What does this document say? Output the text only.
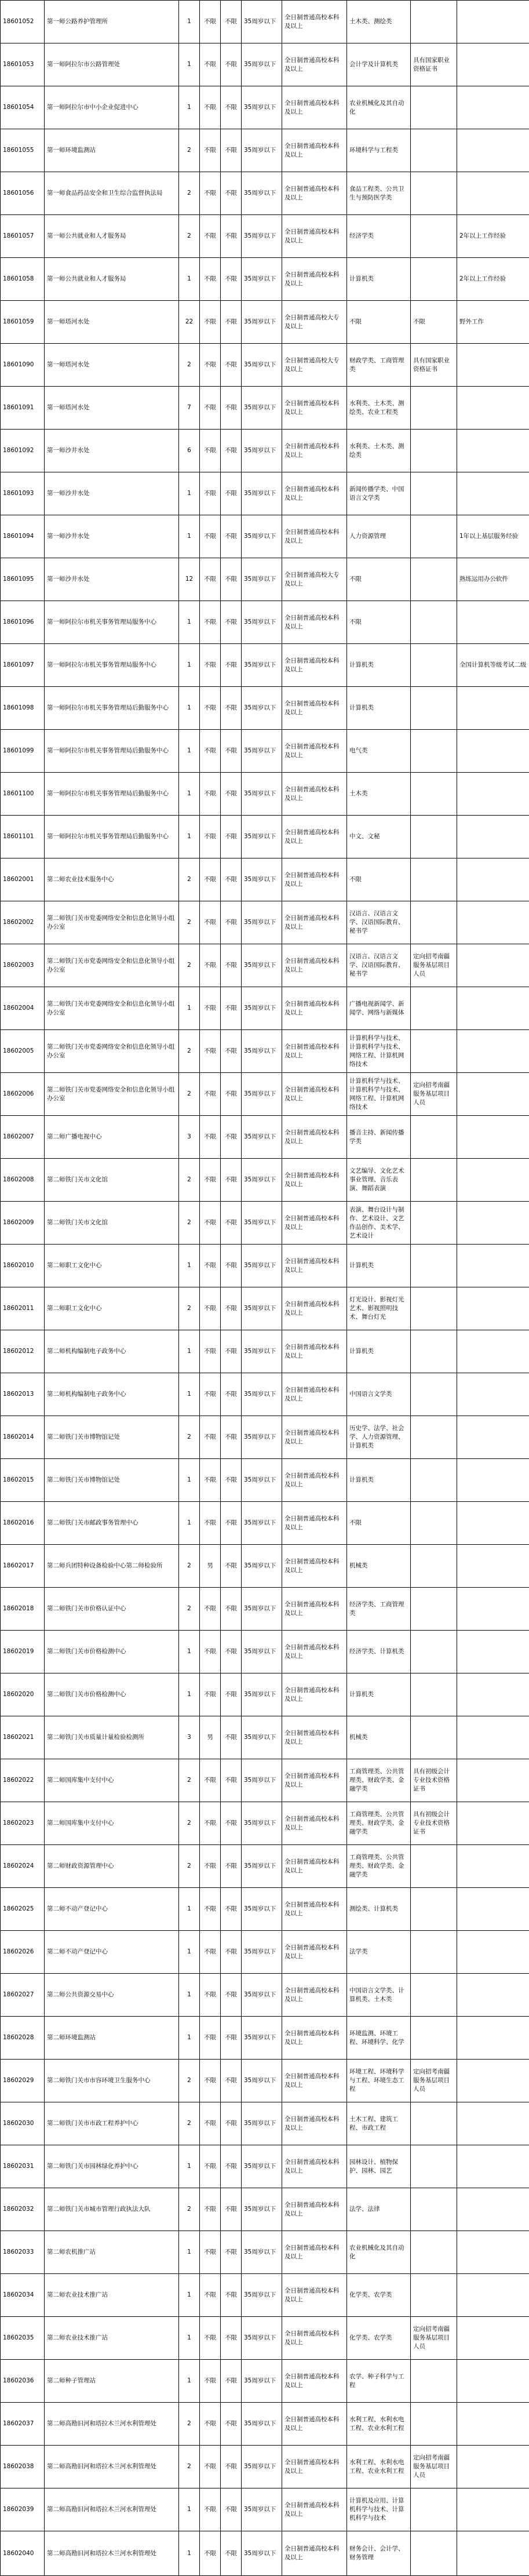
18601052	第一师公路养护管理所	1	不限	不限	35周岁以下	全日制普通高校本科及以上	土木类、测绘类		
18601053	第一师阿拉尔市公路管理处	1	不限	不限	35周岁以下	全日制普通高校本科及以上	会计学及计算机类	具有国家职业资格证书	
18601054	第一师阿拉尔市中小企业促进中心	1	不限	不限	35周岁以下	全日制普通高校本科及以上	农业机械化及其自动化		
18601055	第一师环境监测站	2	不限	不限	35周岁以下	全日制普通高校本科及以上	环境科学与工程类		
18601056	第一师食品药品安全和卫生综合监督执法局	2	不限	不限	35周岁以下	全日制普通高校本科及以上	食品工程类、公共卫生与预防医学类		
18601057	第一师公共就业和人才服务局	2	不限	不限	35周岁以下	全日制普通高校本科及以上	经济学类		2年以上工作经验
18601058	第一师公共就业和人才服务局	1	不限	不限	35周岁以下	全日制普通高校本科及以上	计算机类		2年以上工作经验
18601059	第一师塔河水处	22	不限	不限	35周岁以下	全日制普通高校大专及以上	不限	不限	野外工作
18601090	第一师塔河水处	2	不限	不限	35周岁以下	全日制普通高校大专及以上	财政学类、工商管理类	具有国家职业资格证书	
18601091	第一师塔河水处	7	不限	不限	35周岁以下	全日制普通高校本科及以上	水利类、土木类、测绘类、农业工程类		
18601092	第一师沙井水处	6	不限	不限	35周岁以下	全日制普通高校本科及以上	水利类、土木类、测绘类		
18601093	第一师沙井水处	1	不限	不限	35周岁以下	全日制普通高校本科及以上	新闻传播学类、中国语言文学类		
18601094	第一师沙井水处	1	不限	不限	35周岁以下	全日制普通高校本科及以上	人力资源管理		1年以上基层服务经验
18601095	第一师沙井水处	12	不限	不限	35周岁以下	全日制普通高校大专及以上	不限		熟练运用办公软件
18601096	第一师阿拉尔市机关事务管理局服务中心	1	不限	不限	35周岁以下	全日制普通高校本科及以上	不限		
18601097	第一师阿拉尔市机关事务管理局服务中心	1	不限	不限	35周岁以下	全日制普通高校本科及以上	计算机类		全国计算机等级考试二级
18601098	第一师阿拉尔市机关事务管理局后勤服务中心	1	不限	不限	35周岁以下	全日制普通高校本科及以上	计算机类		
18601099	第一师阿拉尔市机关事务管理局后勤服务中心	1	不限	不限	35周岁以下	全日制普通高校本科及以上	电气类		
18601100	第一师阿拉尔市机关事务管理局后勤服务中心	1	不限	不限	35周岁以下	全日制普通高校本科及以上	土木类		
18601101	第一师阿拉尔市机关事务管理局后勤服务中心	1	不限	不限	35周岁以下	全日制普通高校本科及以上	中文、文秘		
18602001	第二师农业技术服务中心	2	不限	不限	35周岁以下	全日制普通高校本科及以上	不限		
18602002	第二师铁门关市党委网络安全和信息化领导小组办公室	2	不限	不限	35周岁以下	全日制普通高校本科及以上	汉语言、汉语言文学、汉语国际教育、秘书学		
18602003	第二师铁门关市党委网络安全和信息化领导小组办公室	2	不限	不限	35周岁以下	全日制普通高校本科及以上	汉语言、汉语言文学、汉语国际教育、秘书学	定向招考南疆服务基层项目人员	
18602004	第二师铁门关市党委网络安全和信息化领导小组办公室	1	不限	不限	35周岁以下	全日制普通高校本科及以上	广播电视新闻学、新闻学、网络与新媒体		
18602005	第二师铁门关市党委网络安全和信息化领导小组办公室	2	不限	不限	35周岁以下	全日制普通高校本科及以上	计算机科学与技术、计算机科学与技术、网络工程、计算机网络技术		
18602006	第二师铁门关市党委网络安全和信息化领导小组办公室	2	不限	不限	35周岁以下	全日制普通高校本科及以上	计算机科学与技术、计算机科学与技术、网络工程、计算机网络技术	定向招考南疆服务基层项目人员	
18602007	第二师广播电视中心	3	不限	不限	35周岁以下	全日制普通高校本科及以上	播音主持、新闻传播学类		
18602008	第二师铁门关市文化馆	2	不限	不限	35周岁以下	全日制普通高校本科及以上	文艺编导、文化艺术事业管理、音乐表演、舞蹈表演		
18602009	第二师铁门关市文化馆	2	不限	不限	35周岁以下	全日制普通高校本科及以上	表演、舞台设计与制作、艺术设计、文艺作品创作、美术学、艺术设计		
18602010	第二师职工文化中心	1	不限	不限	35周岁以下	全日制普通高校本科及以上	计算机类		
18602011	第二师职工文化中心	2	不限	不限	35周岁以下	全日制普通高校本科及以上	灯光设计、影视灯光艺术、影视照明技术、舞台灯光		
18602012	第二师机构编制电子政务中心	1	不限	不限	35周岁以下	全日制普通高校本科及以上	计算机类		
18602013	第二师机构编制电子政务中心	1	不限	不限	35周岁以下	全日制普通高校本科及以上	中国语言文学类		
18602014	第二师铁门关市博物馆记处	2	不限	不限	35周岁以下	全日制普通高校本科及以上	历史学、法学、社会学、人力资源管理、计算机类		
18602015	第二师铁门关市博物馆记处	1	不限	不限	35周岁以下	全日制普通高校本科及以上	计算机类		
18602016	第二师铁门关市邮政事务管理中心	1	不限	不限	35周岁以下	全日制普通高校本科及以上	不限		
18602017	第二师兵团特种设备检验中心第二师检验所	2	男	不限	35周岁以下	全日制普通高校本科及以上	机械类		
18602018	第二师铁门关市价格认证中心	2	不限	不限	35周岁以下	全日制普通高校本科及以上	经济学类、工商管理类		
18602019	第二师铁门关市价格检测中心	1	不限	不限	35周岁以下	全日制普通高校本科及以上	经济学类、计算机类		
18602020	第二师铁门关市价格检测中心	1	不限	不限	35周岁以下	全日制普通高校本科及以上	计算机类		
18602021	第二师铁门关市质量计量检验检测所	3	男	不限	35周岁以下	全日制普通高校本科及以上	机械类		
18602022	第二师国库集中支付中心	2	不限	不限	35周岁以下	全日制普通高校本科及以上	工商管理类、公共管理类、财政学类、金融学类	具有初级会计专业技术资格证书	
18602023	第二师国库集中支付中心	2	不限	不限	35周岁以下	全日制普通高校本科及以上	工商管理类、公共管理类、财政学类、金融学类	具有初级会计专业技术资格证书	
18602024	第二师财政资源管理中心	2	不限	不限	35周岁以下	全日制普通高校本科及以上	工商管理类、公共管理类、财政学类、金融学类		
18602025	第二师不动产登记中心	1	不限	不限	35周岁以下	全日制普通高校本科及以上	测绘类、计算机类		
18602026	第二师不动产登记中心	1	不限	不限	35周岁以下	全日制普通高校本科及以上	法学类		
18602027	第二师公共资源交易中心	1	不限	不限	35周岁以下	全日制普通高校本科及以上	中国语言文学类、计算机类、土木类		
18602028	第二师环境监测站	1	不限	不限	35周岁以下	全日制普通高校本科及以上	环境监测、环境工程、环境科学、化学		
18602029	第二师铁门关市市容环境卫生服务中心	2	不限	不限	35周岁以下	全日制普通高校本科及以上	环境工程、环境科学与工程、环境生态工程	定向招考南疆服务基层项目人员	
18602030	第二师铁门关市市政工程养护中心	2	不限	不限	35周岁以下	全日制普通高校本科及以上	土木工程、建筑工程、市政工程		
18602031	第二师铁门关市园林绿化养护中心	1	不限	不限	35周岁以下	全日制普通高校本科及以上	园林设计、植物保护、园林、园艺		
18602032	第二师铁门关市城市管理行政执法大队	2	不限	不限	35周岁以下	全日制普通高校本科及以上	法学、法律		
18602033	第二师农机推广站	1	不限	不限	35周岁以下	全日制普通高校本科及以上	农业机械化及其自动化		
18602034	第二师农业技术推广站	1	不限	不限	35周岁以下	全日制普通高校本科及以上	化学类、农学类		
18602035	第二师农业技术推广站	1	不限	不限	35周岁以下	全日制普通高校本科及以上	化学类、农学类	定向招考南疆服务基层项目人员	
18602036	第二师种子管理站	1	不限	不限	35周岁以下	全日制普通高校本科及以上	农学、种子科学与工程		
18602037	第二师高勘旧河和塔拉木兰河水利管理处	2	不限	不限	35周岁以下	全日制普通高校本科及以上	水利工程、水利水电工程、农业水利工程		
18602038	第二师高勘旧河和塔拉木兰河水利管理处	2	不限	不限	35周岁以下	全日制普通高校本科及以上	水利工程、水利水电工程、农业水利工程	定向招考南疆服务基层项目人员	
18602039	第二师高勘旧河和塔拉木兰河水利管理处	1	不限	不限	35周岁以下	全日制普通高校本科及以上	计算机及应用、计算机科学与技术、计算机科学与技术		
18602040	第二师高勘旧河和塔拉木兰河水利管理处	1	不限	不限	35周岁以下	全日制普通高校本科及以上	财务会计、会计学、财务管理		
